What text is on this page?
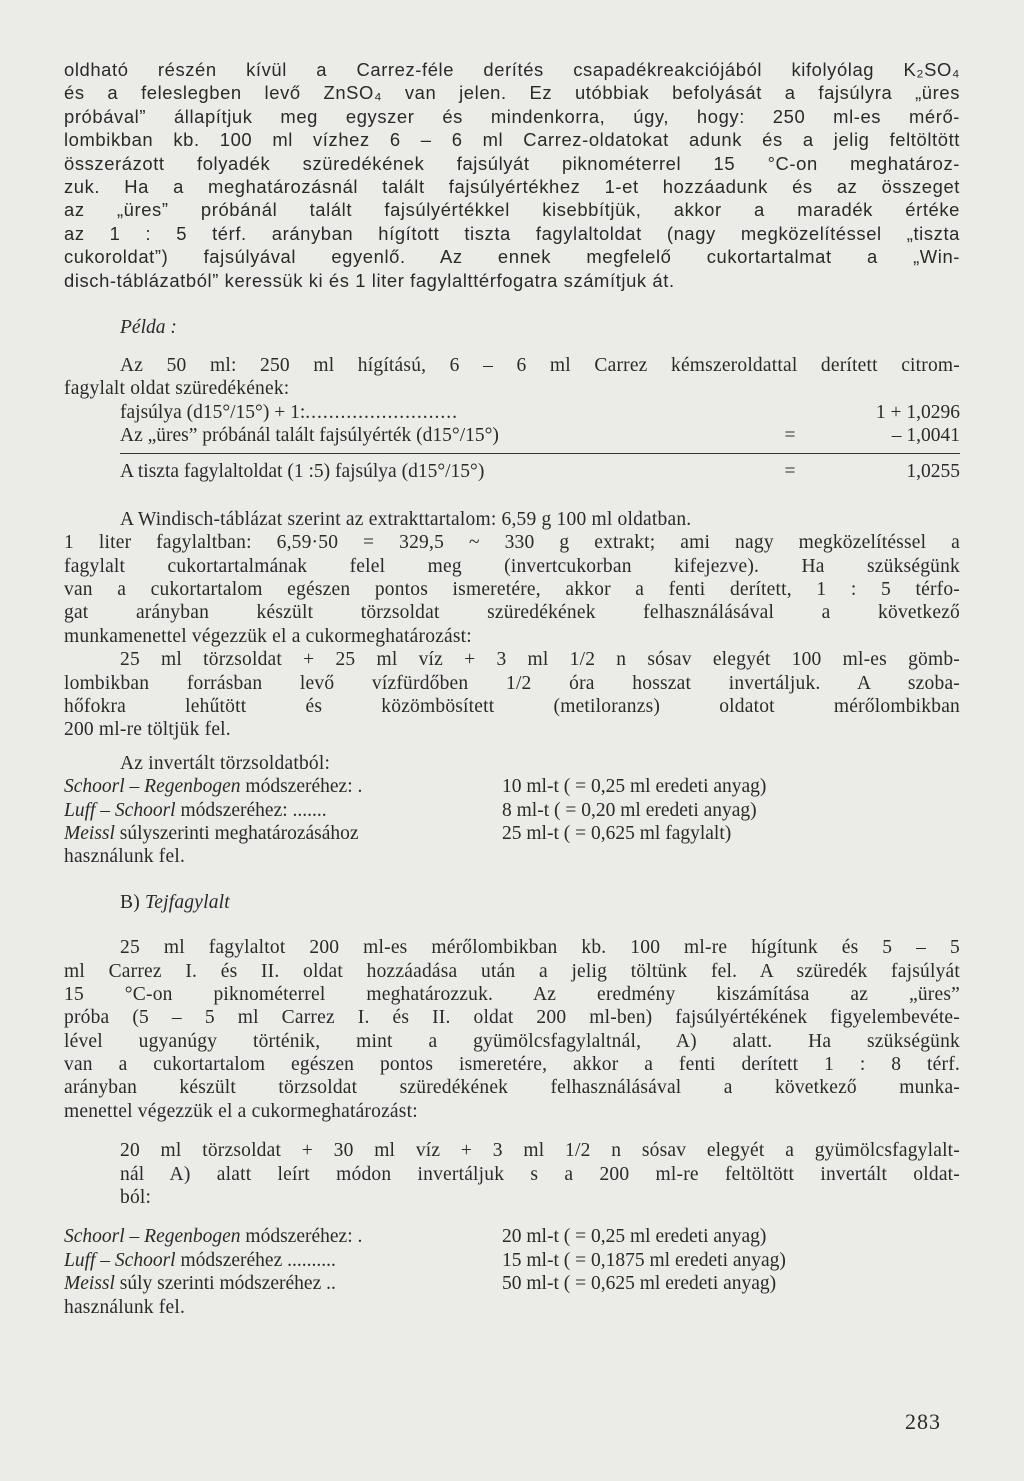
oldható részén kívül a Carrez-féle derítés csapadékreakciójából kifolyólag K₂SO₄
és a feleslegben levő ZnSO₄ van jelen. Ez utóbbiak befolyását a fajsúlyra „üres
próbával” állapítjuk meg egyszer és mindenkorra, úgy, hogy: 250 ml-es mérő-
lombikban kb. 100 ml vízhez 6 – 6 ml Carrez-oldatokat adunk és a jelig feltöltött
összerázott folyadék szüredékének fajsúlyát piknométerrel 15 °C-on meghatároz-
zuk. Ha a meghatározásnál talált fajsúlyértékhez 1-et hozzáadunk és az összeget
az „üres” próbánál talált fajsúlyértékkel kisebbítjük, akkor a maradék értéke
az 1 : 5 térf. arányban hígított tiszta fagylaltoldat (nagy megközelítéssel „tiszta
cukoroldat”) fajsúlyával egyenlő. Az ennek megfelelő cukortartalmat a „Win-
disch-táblázatból” keressük ki és 1 liter fagylalttérfogatra számítjuk át.
Példa :
Az 50 ml: 250 ml hígítású, 6 – 6 ml Carrez kémszeroldattal derített citrom-
fagylalt oldat szüredékének:
fajsúlya (d15°/15°) + 1:..........................	1 + 1,0296
Az „üres” próbánál talált fajsúlyérték (d15°/15°)	=	– 1,0041
A tiszta fagylaltoldat (1 :5) fajsúlya (d15°/15°)	=	1,0255
A Windisch-táblázat szerint az extrakttartalom: 6,59 g 100 ml oldatban.
1 liter fagylaltban: 6,59·50 = 329,5 ~ 330 g extrakt; ami nagy megközelítéssel a
fagylalt cukortartalmának felel meg (invertcukorban kifejezve). Ha szükségünk
van a cukortartalom egészen pontos ismeretére, akkor a fenti derített, 1 : 5 térfo-
gat arányban készült törzsoldat szüredékének felhasználásával a következő
munkamenettel végezzük el a cukormeghatározást:
25 ml törzsoldat + 25 ml víz + 3 ml 1/2 n sósav elegyét 100 ml-es gömb-
lombikban forrásban levő vízfürdőben 1/2 óra hosszat invertáljuk. A szoba-
hőfokra lehűtött és közömbösített (metiloranzs) oldatot mérőlombikban
200 ml-re töltjük fel.
Az invertált törzsoldatból:
Schoorl – Regenbogen módszeréhez: .	10 ml-t ( = 0,25 ml eredeti anyag)
Luff – Schoorl módszeréhez: .......	8 ml-t ( = 0,20 ml eredeti anyag)
Meissl súlyszerinti meghatározásához	25 ml-t ( = 0,625 ml fagylalt)
használunk fel.
B) Tejfagylalt
25 ml fagylaltot 200 ml-es mérőlombikban kb. 100 ml-re hígítunk és 5 – 5
ml Carrez I. és II. oldat hozzáadása után a jelig töltünk fel. A szüredék fajsúlyát
15 °C-on piknométerrel meghatározzuk. Az eredmény kiszámítása az „üres”
próba (5 – 5 ml Carrez I. és II. oldat 200 ml-ben) fajsúlyértékének figyelembevéte-
lével ugyanúgy történik, mint a gyümölcsfagylaltnál, A) alatt. Ha szükségünk
van a cukortartalom egészen pontos ismeretére, akkor a fenti derített 1 : 8 térf.
arányban készült törzsoldat szüredékének felhasználásával a következő munka-
menettel végezzük el a cukormeghatározást:
20 ml törzsoldat + 30 ml víz + 3 ml 1/2 n sósav elegyét a gyümölcsfagylalt-
nál A) alatt leírt módon invertáljuk s a 200 ml-re feltöltött invertált oldat-
ból:
Schoorl – Regenbogen módszeréhez: .	20 ml-t ( = 0,25 ml eredeti anyag)
Luff – Schoorl módszeréhez ..........	15 ml-t ( = 0,1875 ml eredeti anyag)
Meissl súly szerinti módszeréhez ..	50 ml-t ( = 0,625 ml eredeti anyag)
használunk fel.
283
